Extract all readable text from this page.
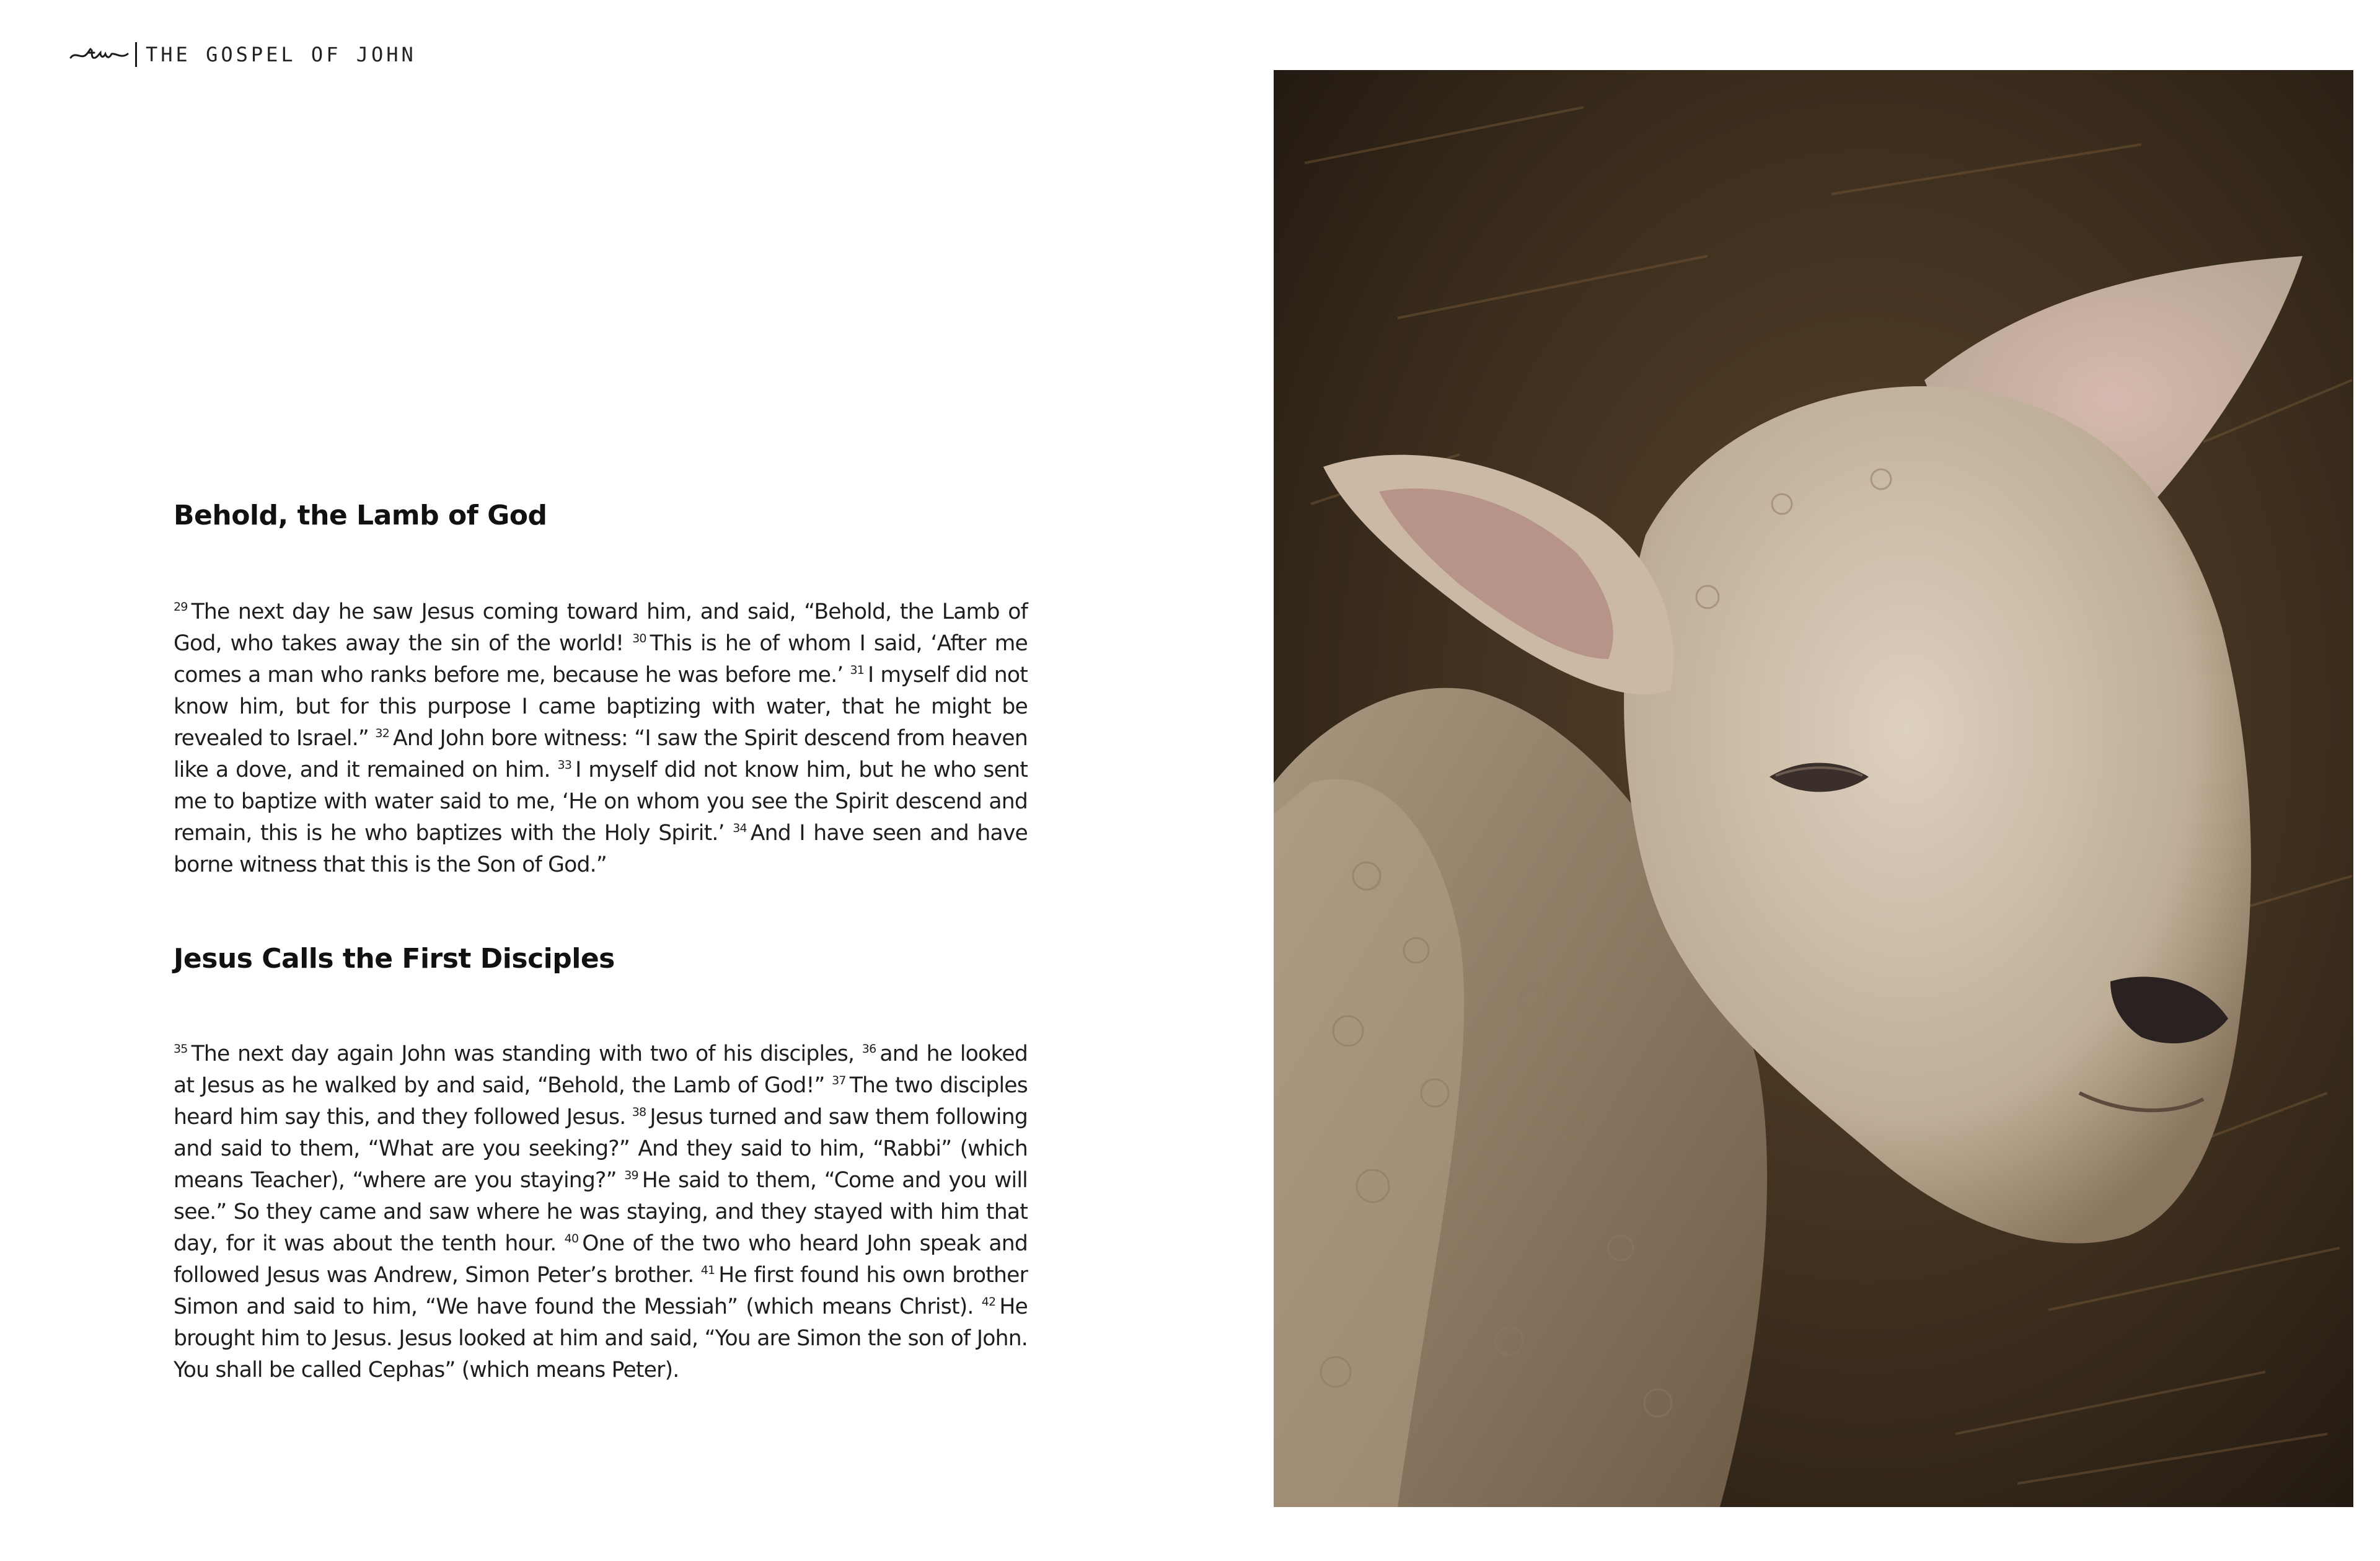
THE GOSPEL OF JOHN
Behold, the Lamb of God

$^{29}$ The next day he saw Jesus coming toward him, and said, “Behold, the Lamb of God, who takes away the sin of the world! $^{30}$ This is he of whom I said, ‘After me comes a man who ranks before me, because he was before me.’ $^{31}$ I myself did not know him, but for this purpose I came baptizing with water, that he might be revealed to Israel.” $^{32}$ And John bore witness: “I saw the Spirit descend from heaven like a dove, and it remained on him. $^{33}$ I myself did not know him, but he who sent me to baptize with water said to me, ‘He on whom you see the Spirit descend and remain, this is he who baptizes with the Holy Spirit.’ $^{34}$ And I have seen and have borne witness that this is the Son of God.”

Jesus Calls the First Disciples

$^{35}$ The next day again John was standing with two of his disciples, $^{36}$ and he looked at Jesus as he walked by and said, “Behold, the Lamb of God!” $^{37}$ The two disciples heard him say this, and they followed Jesus. $^{38}$ Jesus turned and saw them following and said to them, “What are you seeking?” And they said to him, “Rabbi” (which means Teacher), “where are you staying?” $^{39}$ He said to them, “Come and you will see.” So they came and saw where he was staying, and they stayed with him that day, for it was about the tenth hour. $^{40}$ One of the two who heard John speak and followed Jesus was Andrew, Simon Peter’s brother. $^{41}$ He first found his own brother Simon and said to him, “We have found the Messiah” (which means Christ). $^{42}$ He brought him to Jesus. Jesus looked at him and said, “You are Simon the son of John. You shall be called Cephas” (which means Peter).
